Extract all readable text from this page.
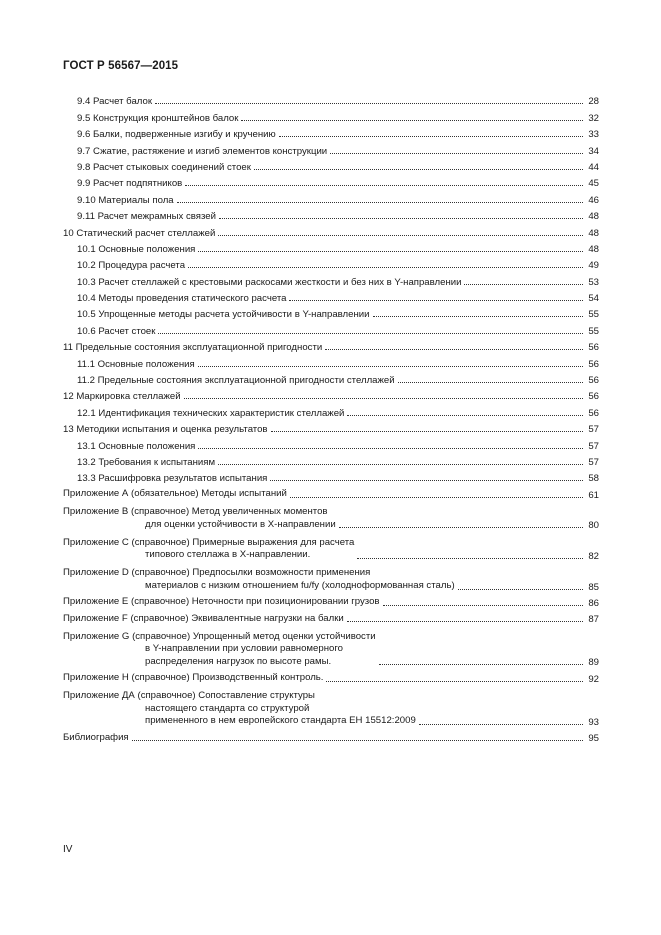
ГОСТ Р 56567—2015
9.4 Расчет балок	28
9.5 Конструкция кронштейнов балок	32
9.6 Балки, подверженные изгибу и кручению	33
9.7 Сжатие, растяжение и изгиб элементов конструкции	34
9.8 Расчет стыковых соединений стоек	44
9.9 Расчет подпятников	45
9.10 Материалы пола	46
9.11 Расчет межрамных связей	48
10 Статический расчет стеллажей	48
10.1 Основные положения	48
10.2 Процедура расчета	49
10.3 Расчет стеллажей с крестовыми раскосами жесткости и без них в Y-направлении	53
10.4 Методы проведения статического расчета	54
10.5 Упрощенные методы расчета устойчивости в Y-направлении	55
10.6 Расчет стоек	55
11 Предельные состояния эксплуатационной пригодности	56
11.1 Основные положения	56
11.2 Предельные состояния эксплуатационной пригодности стеллажей	56
12 Маркировка стеллажей	56
12.1 Идентификация технических характеристик стеллажей	56
13 Методики испытания и оценка результатов	57
13.1 Основные положения	57
13.2 Требования к испытаниям	57
13.3 Расшифровка результатов испытания	58
Приложение А (обязательное) Методы испытаний	61
Приложение В (справочное) Метод увеличенных моментов
для оценки устойчивости в X-направлении	80
Приложение С (справочное) Примерные выражения для расчета
типового стеллажа в X-направлении.	82
Приложение D (справочное) Предпосылки возможности применения
материалов с низким отношением fu/fy (холодноформованная сталь)	85
Приложение Е (справочное) Неточности при позиционировании грузов	86
Приложение F (справочное) Эквивалентные нагрузки на балки	87
Приложение G (справочное) Упрощенный метод оценки устойчивости
в Y-направлении при условии равномерного
распределения нагрузок по высоте рамы.	89
Приложение Н (справочное) Производственный контроль.	92
Приложение ДА (справочное) Сопоставление структуры
настоящего стандарта со структурой
примененного в нем европейского стандарта ЕН 15512:2009	93
Библиография	95
IV
